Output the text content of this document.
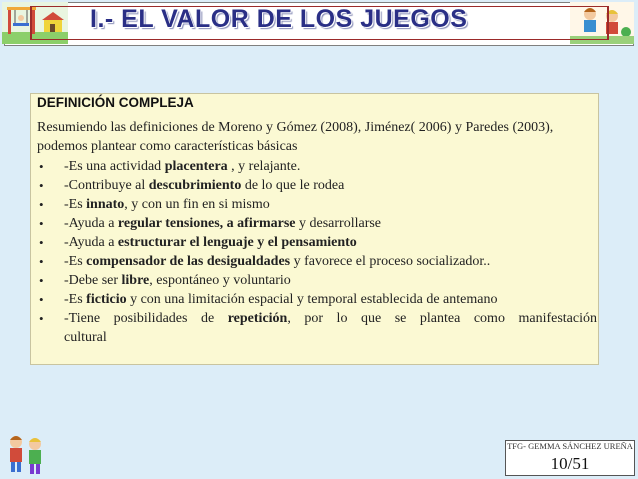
I.- EL VALOR DE LOS JUEGOS
DEFINICIÓN COMPLEJA

Resumiendo las definiciones de Moreno y Gómez (2008), Jiménez( 2006) y Paredes (2003), podemos plantear como características básicas

• -Es una actividad placentera , y relajante.
• -Contribuye al descubrimiento de lo que le rodea
• -Es innato, y con un fin en si mismo
• -Ayuda a regular tensiones, a afirmarse y desarrollarse
• -Ayuda a estructurar el lenguaje y el pensamiento
• -Es compensador de las desigualdades y favorece el proceso socializador..
• -Debe ser libre, espontáneo y voluntario
• -Es ficticio y con una limitación espacial y temporal establecida de antemano
• -Tiene posibilidades de repetición, por lo que se plantea como manifestación
cultural
TFG- GEMMA SÁNCHEZ UREÑA
10/51
